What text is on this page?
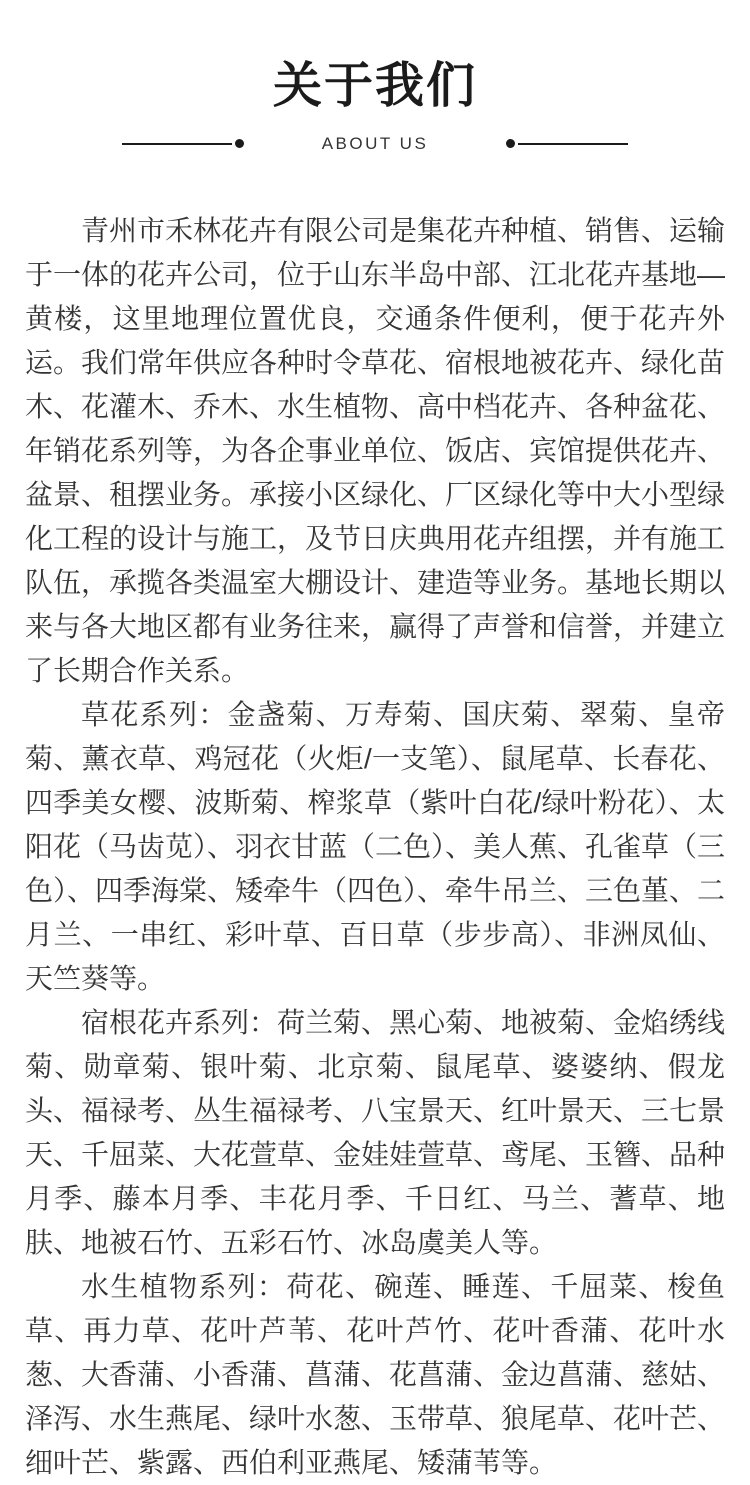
关于我们
ABOUT US

青州市禾林花卉有限公司是集花卉种植、销售、运输于一体的花卉公司，位于山东半岛中部、江北花卉基地—黄楼，这里地理位置优良，交通条件便利，便于花卉外运。我们常年供应各种时令草花、宿根地被花卉、绿化苗木、花灌木、乔木、水生植物、高中档花卉、各种盆花、年销花系列等，为各企事业单位、饭店、宾馆提供花卉、盆景、租摆业务。承接小区绿化、厂区绿化等中大小型绿化工程的设计与施工，及节日庆典用花卉组摆，并有施工队伍，承揽各类温室大棚设计、建造等业务。基地长期以来与各大地区都有业务往来，赢得了声誉和信誉，并建立了长期合作关系。

草花系列：金盏菊、万寿菊、国庆菊、翠菊、皇帝菊、薰衣草、鸡冠花（火炬/一支笔）、鼠尾草、长春花、四季美女樱、波斯菊、榨浆草（紫叶白花/绿叶粉花）、太阳花（马齿苋）、羽衣甘蓝（二色）、美人蕉、孔雀草（三色）、四季海棠、矮牵牛（四色）、牵牛吊兰、三色堇、二月兰、一串红、彩叶草、百日草（步步高）、非洲凤仙、天竺葵等。

宿根花卉系列：荷兰菊、黑心菊、地被菊、金焰绣线菊、勋章菊、银叶菊、北京菊、鼠尾草、婆婆纳、假龙头、福禄考、丛生福禄考、八宝景天、红叶景天、三七景天、千屈菜、大花萱草、金娃娃萱草、鸢尾、玉簪、品种月季、藤本月季、丰花月季、千日红、马兰、蓍草、地肤、地被石竹、五彩石竹、冰岛虞美人等。

水生植物系列：荷花、碗莲、睡莲、千屈菜、梭鱼草、再力草、花叶芦苇、花叶芦竹、花叶香蒲、花叶水葱、大香蒲、小香蒲、菖蒲、花菖蒲、金边菖蒲、慈姑、泽泻、水生燕尾、绿叶水葱、玉带草、狼尾草、花叶芒、细叶芒、紫露、西伯利亚燕尾、矮蒲苇等。
